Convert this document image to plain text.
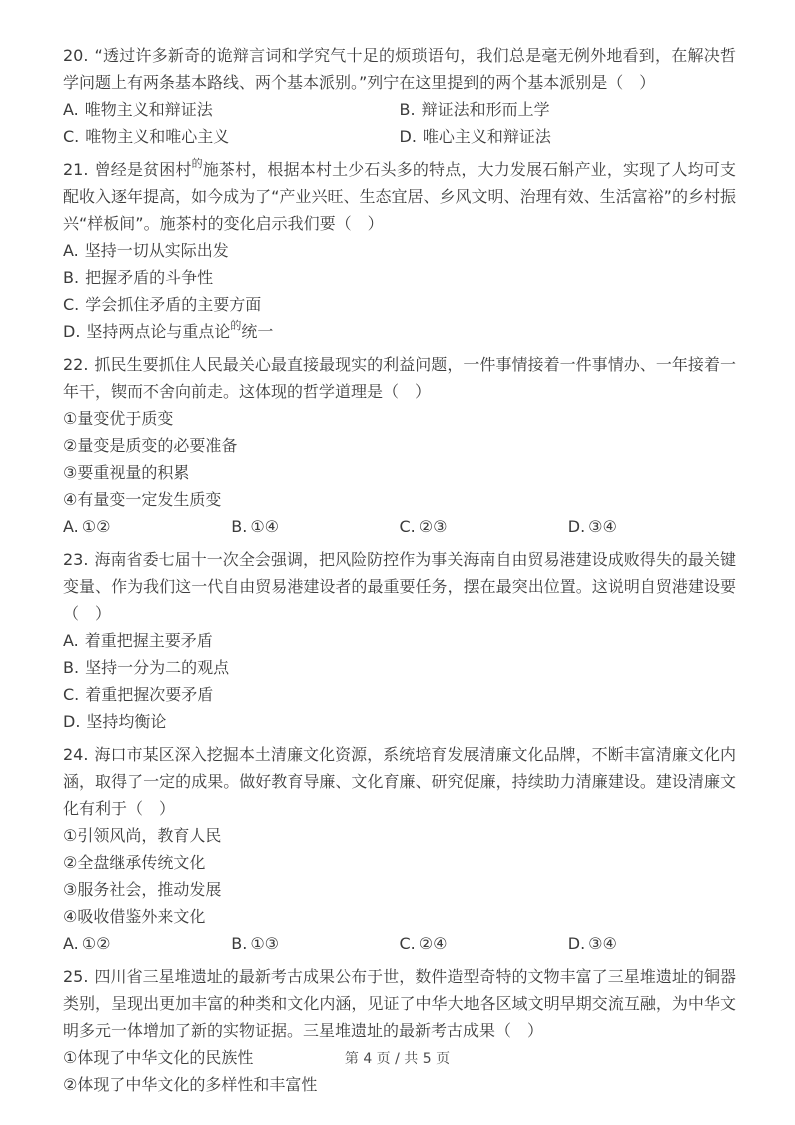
20. “透过许多新奇的诡辩言词和学究气十足的烦琐语句，我们总是毫无例外地看到，在解决哲学问题上有两条基本路线、两个基本派别。”列宁在这里提到的两个基本派别是（　）

A. 唯物主义和辩证法	B. 辩证法和形而上学
C. 唯物主义和唯心主义	D. 唯心主义和辩证法

21. 曾经是贫困村$^的$施茶村，根据本村土少石头多的特点，大力发展石斛产业，实现了人均可支配收入逐年提高，如今成为了“产业兴旺、生态宜居、乡风文明、治理有效、生活富裕”的乡村振兴“样板间”。施茶村的变化启示我们要（　）

A. 坚持一切从实际出发
B. 把握矛盾的斗争性
C. 学会抓住矛盾的主要方面
D. 坚持两点论与重点论$^的$统一

22. 抓民生要抓住人民最关心最直接最现实的利益问题，一件事情接着一件事情办、一年接着一年干，锲而不舍向前走。这体现的哲学道理是（　）

①量变优于质变

②量变是质变的必要准备

③要重视量的积累

④有量变一定发生质变

A. ①②	B. ①④	C. ②③	D. ③④

23. 海南省委七届十一次全会强调，把风险防控作为事关海南自由贸易港建设成败得失的最关键变量、作为我们这一代自由贸易港建设者的最重要任务，摆在最突出位置。这说明自贸港建设要（　）

A. 着重把握主要矛盾
B. 坚持一分为二的观点
C. 着重把握次要矛盾
D. 坚持均衡论

24. 海口市某区深入挖掘本土清廉文化资源，系统培育发展清廉文化品牌，不断丰富清廉文化内涵，取得了一定的成果。做好教育导廉、文化育廉、研究促廉，持续助力清廉建设。建设清廉文化有利于（　）

①引领风尚，教育人民

②全盘继承传统文化

③服务社会，推动发展

④吸收借鉴外来文化

A. ①②	B. ①③	C. ②④	D. ③④

25. 四川省三星堆遗址的最新考古成果公布于世，数件造型奇特的文物丰富了三星堆遗址的铜器类别，呈现出更加丰富的种类和文化内涵，见证了中华大地各区域文明早期交流互融，为中华文明多元一体增加了新的实物证据。三星堆遗址的最新考古成果（　）

①体现了中华文化的民族性

②体现了中华文化的多样性和丰富性

第 4 页 / 共 5 页
